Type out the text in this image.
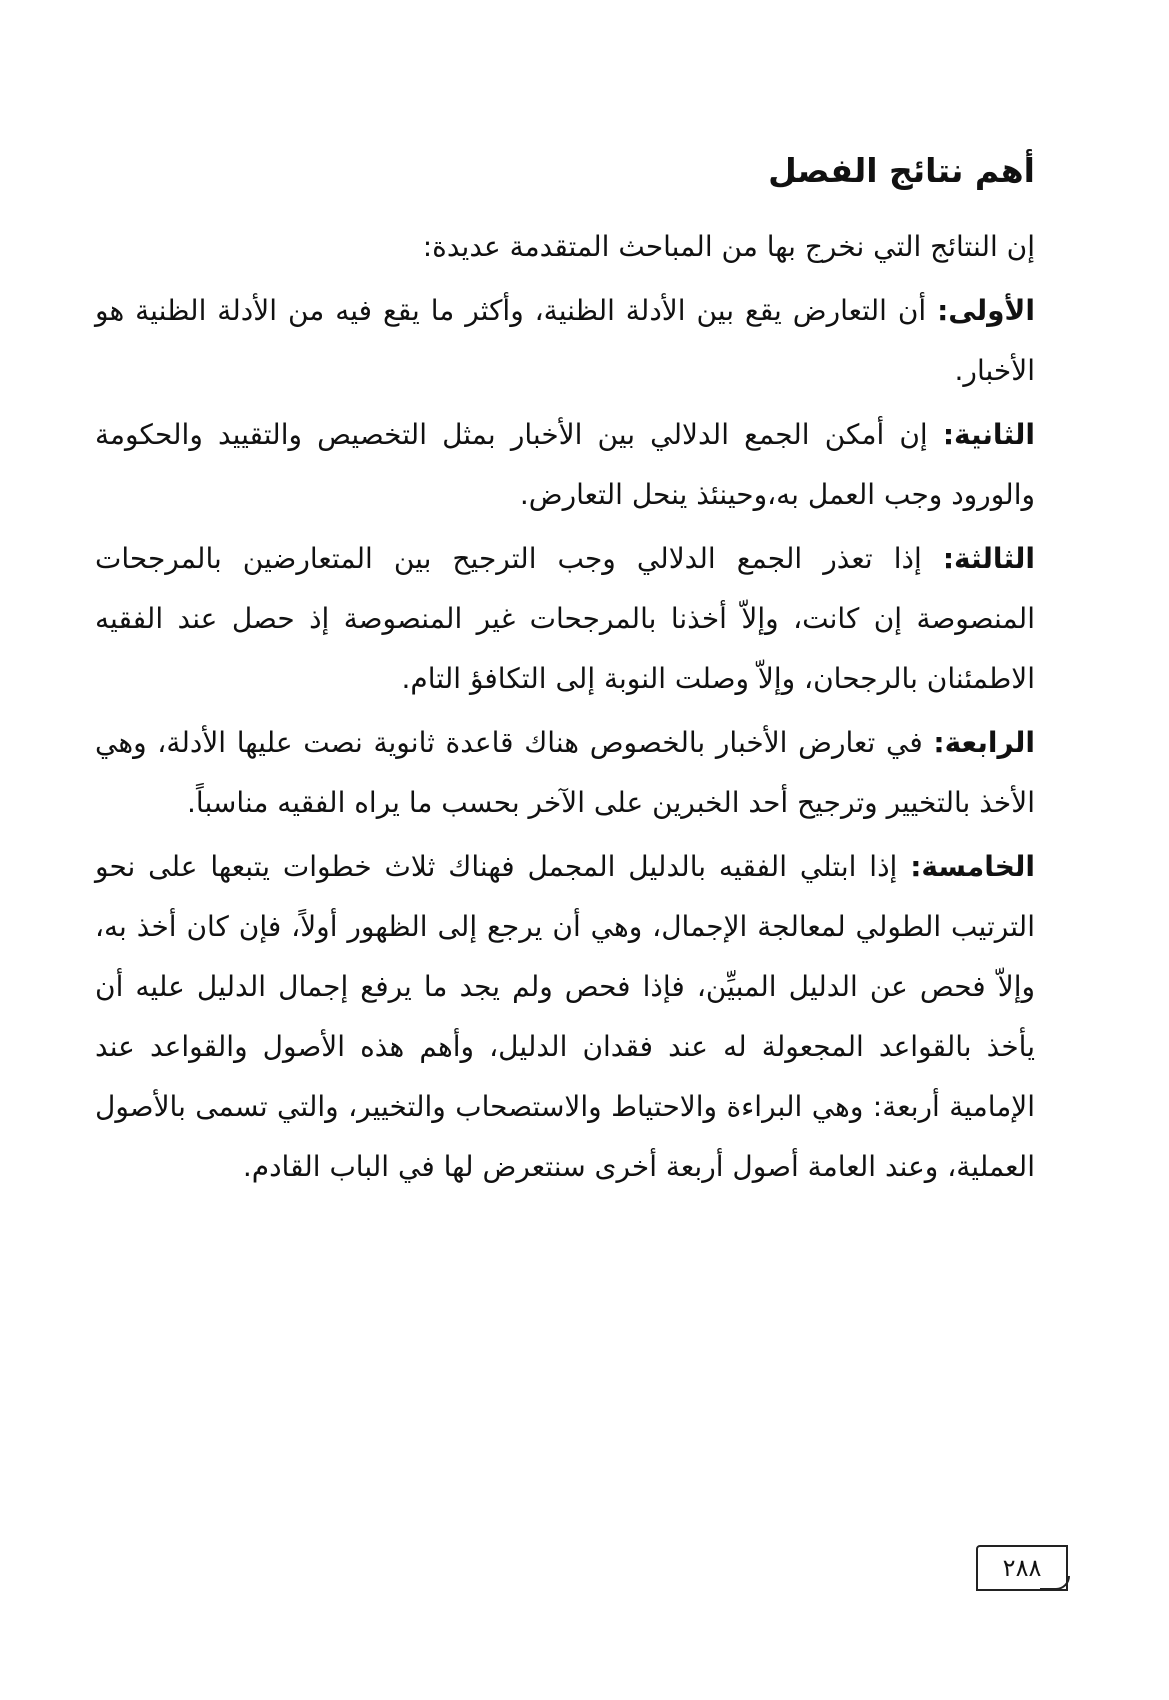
أهم نتائج الفصل

إن النتائج التي نخرج بها من المباحث المتقدمة عديدة:

الأولى: أن التعارض يقع بين الأدلة الظنية، وأكثر ما يقع فيه من الأدلة الظنية هو الأخبار.

الثانية: إن أمكن الجمع الدلالي بين الأخبار بمثل التخصيص والتقييد والحكومة والورود وجب العمل به،وحينئذ ينحل التعارض.

الثالثة: إذا تعذر الجمع الدلالي وجب الترجيح بين المتعارضين بالمرجحات المنصوصة إن كانت، وإلاّ أخذنا بالمرجحات غير المنصوصة إذ حصل عند الفقيه الاطمئنان بالرجحان، وإلاّ وصلت النوبة إلى التكافؤ التام.

الرابعة: في تعارض الأخبار بالخصوص هناك قاعدة ثانوية نصت عليها الأدلة، وهي الأخذ بالتخيير وترجيح أحد الخبرين على الآخر بحسب ما يراه الفقيه مناسباً.

الخامسة: إذا ابتلي الفقيه بالدليل المجمل فهناك ثلاث خطوات يتبعها على نحو الترتيب الطولي لمعالجة الإجمال، وهي أن يرجع إلى الظهور أولاً، فإن كان أخذ به، وإلاّ فحص عن الدليل المبيِّن، فإذا فحص ولم يجد ما يرفع إجمال الدليل عليه أن يأخذ بالقواعد المجعولة له عند فقدان الدليل، وأهم هذه الأصول والقواعد عند الإمامية أربعة: وهي البراءة والاحتياط والاستصحاب والتخيير، والتي تسمى بالأصول العملية، وعند العامة أصول أربعة أخرى سنتعرض لها في الباب القادم.

٢٨٨
